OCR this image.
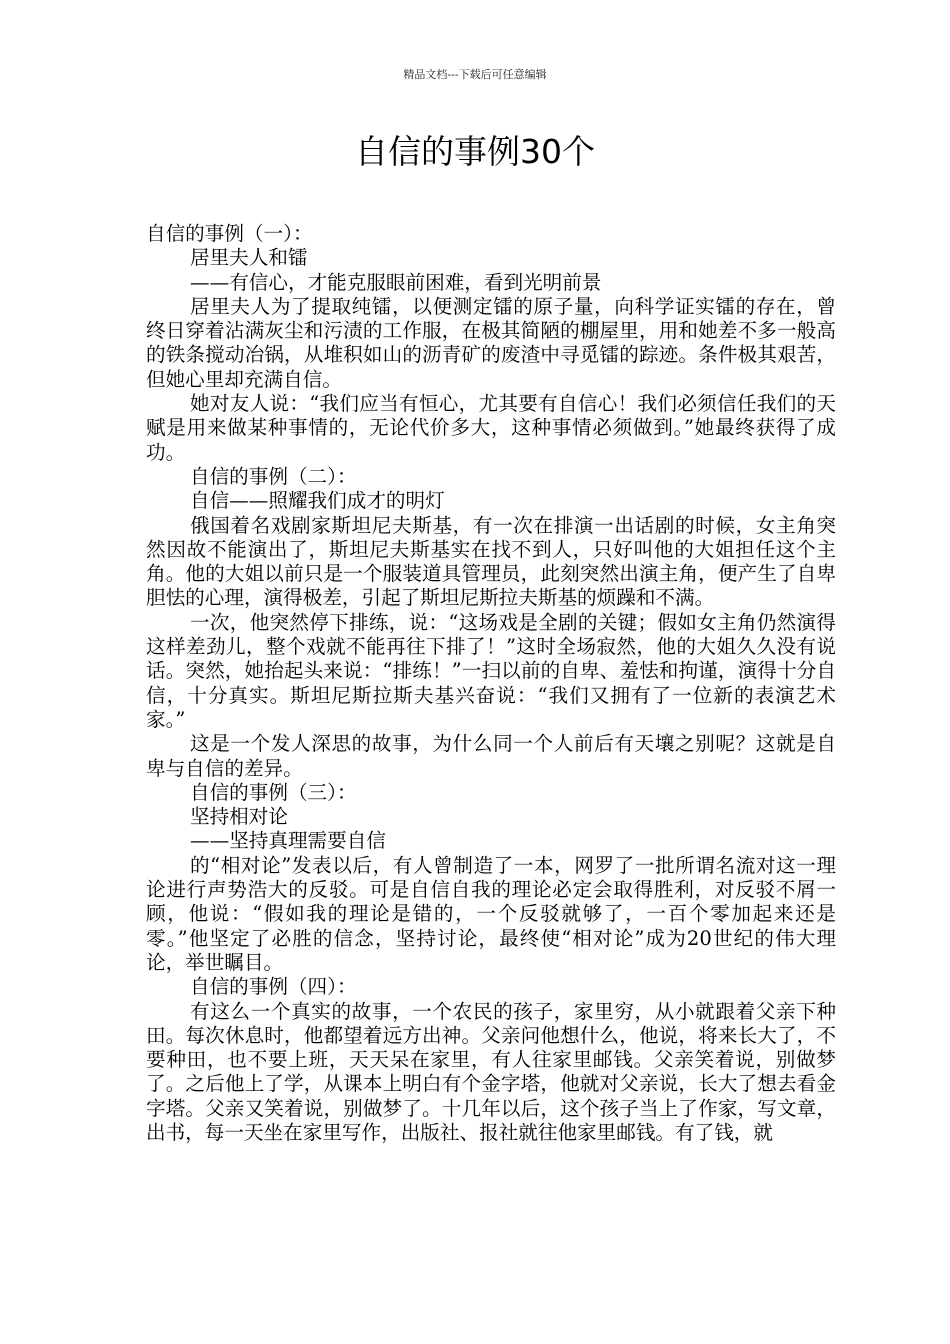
精品文档---下载后可任意编辑
自信的事例30个

自信的事例（一）：

居里夫人和镭

——有信心，才能克服眼前困难，看到光明前景

居里夫人为了提取纯镭，以便测定镭的原子量，向科学证实镭的存在，曾终日穿着沾满灰尘和污渍的工作服，在极其简陋的棚屋里，用和她差不多一般高的铁条搅动冶锅，从堆积如山的沥青矿的废渣中寻觅镭的踪迹。条件极其艰苦，但她心里却充满自信。

她对友人说：“我们应当有恒心，尤其要有自信心！我们必须信任我们的天赋是用来做某种事情的，无论代价多大，这种事情必须做到。”她最终获得了成功。

自信的事例（二）：

自信——照耀我们成才的明灯

俄国着名戏剧家斯坦尼夫斯基，有一次在排演一出话剧的时候，女主角突然因故不能演出了，斯坦尼夫斯基实在找不到人，只好叫他的大姐担任这个主角。他的大姐以前只是一个服装道具管理员，此刻突然出演主角，便产生了自卑胆怯的心理，演得极差，引起了斯坦尼斯拉夫斯基的烦躁和不满。

一次，他突然停下排练，说：“这场戏是全剧的关键；假如女主角仍然演得这样差劲儿，整个戏就不能再往下排了！”这时全场寂然，他的大姐久久没有说话。突然，她抬起头来说：“排练！”一扫以前的自卑、羞怯和拘谨，演得十分自信，十分真实。斯坦尼斯拉斯夫基兴奋说：“我们又拥有了一位新的表演艺术家。”

这是一个发人深思的故事，为什么同一个人前后有天壤之别呢？这就是自卑与自信的差异。

自信的事例（三）：

坚持相对论

——坚持真理需要自信

的“相对论”发表以后，有人曾制造了一本，网罗了一批所谓名流对这一理论进行声势浩大的反驳。可是自信自我的理论必定会取得胜利，对反驳不屑一顾，他说：“假如我的理论是错的，一个反驳就够了，一百个零加起来还是零。”他坚定了必胜的信念，坚持讨论，最终使“相对论”成为20世纪的伟大理论，举世瞩目。

自信的事例（四）：

有这么一个真实的故事，一个农民的孩子，家里穷，从小就跟着父亲下种田。每次休息时，他都望着远方出神。父亲问他想什么，他说，将来长大了，不要种田，也不要上班，天天呆在家里，有人往家里邮钱。父亲笑着说，别做梦了。之后他上了学，从课本上明白有个金字塔，他就对父亲说，长大了想去看金字塔。父亲又笑着说，别做梦了。十几年以后，这个孩子当上了作家，写文章，出书，每一天坐在家里写作，出版社、报社就往他家里邮钱。有了钱，就
